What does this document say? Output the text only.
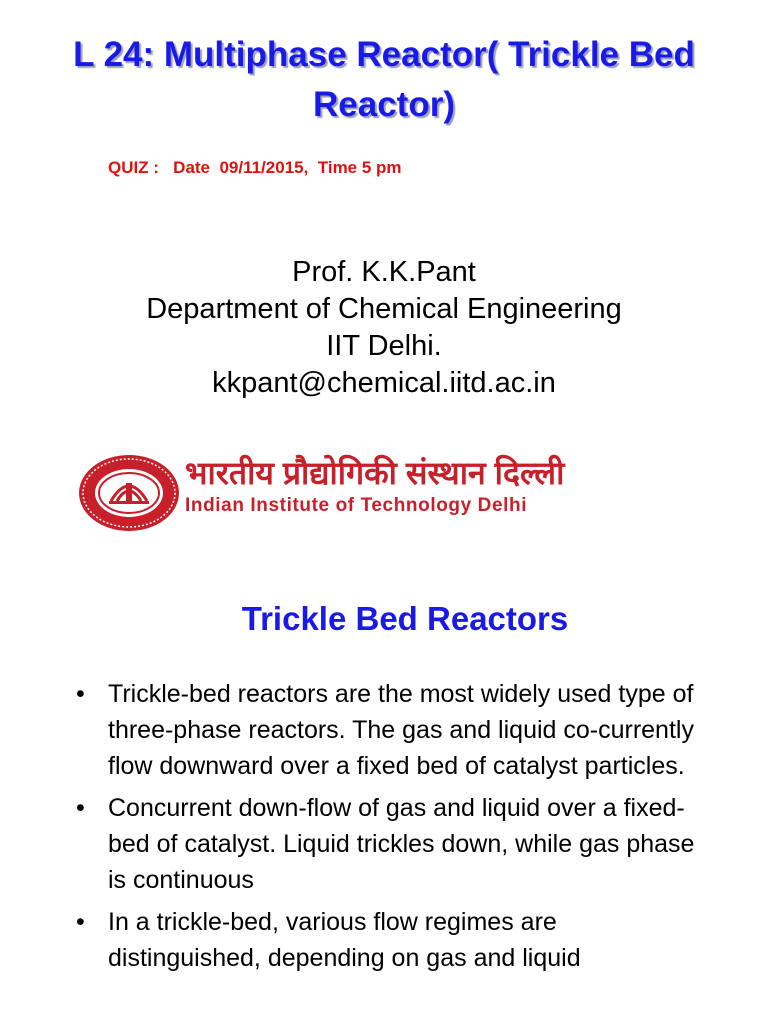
L 24: Multiphase Reactor( Trickle Bed
Reactor)
QUIZ :   Date  09/11/2015,  Time 5 pm
Prof. K.K.Pant
Department of Chemical Engineering
IIT Delhi.
kkpant@chemical.iitd.ac.in
भारतीय प्रौद्योगिकी संस्थान दिल्ली
Indian Institute of Technology Delhi
Trickle Bed Reactors
• Trickle-bed reactors are the most widely used type of three-phase reactors. The gas and liquid co-currently flow downward over a fixed bed of catalyst particles.
• Concurrent down-flow of gas and liquid over a fixed-bed of catalyst. Liquid trickles down, while gas phase is continuous
• In a trickle-bed, various flow regimes are distinguished, depending on gas and liquid
